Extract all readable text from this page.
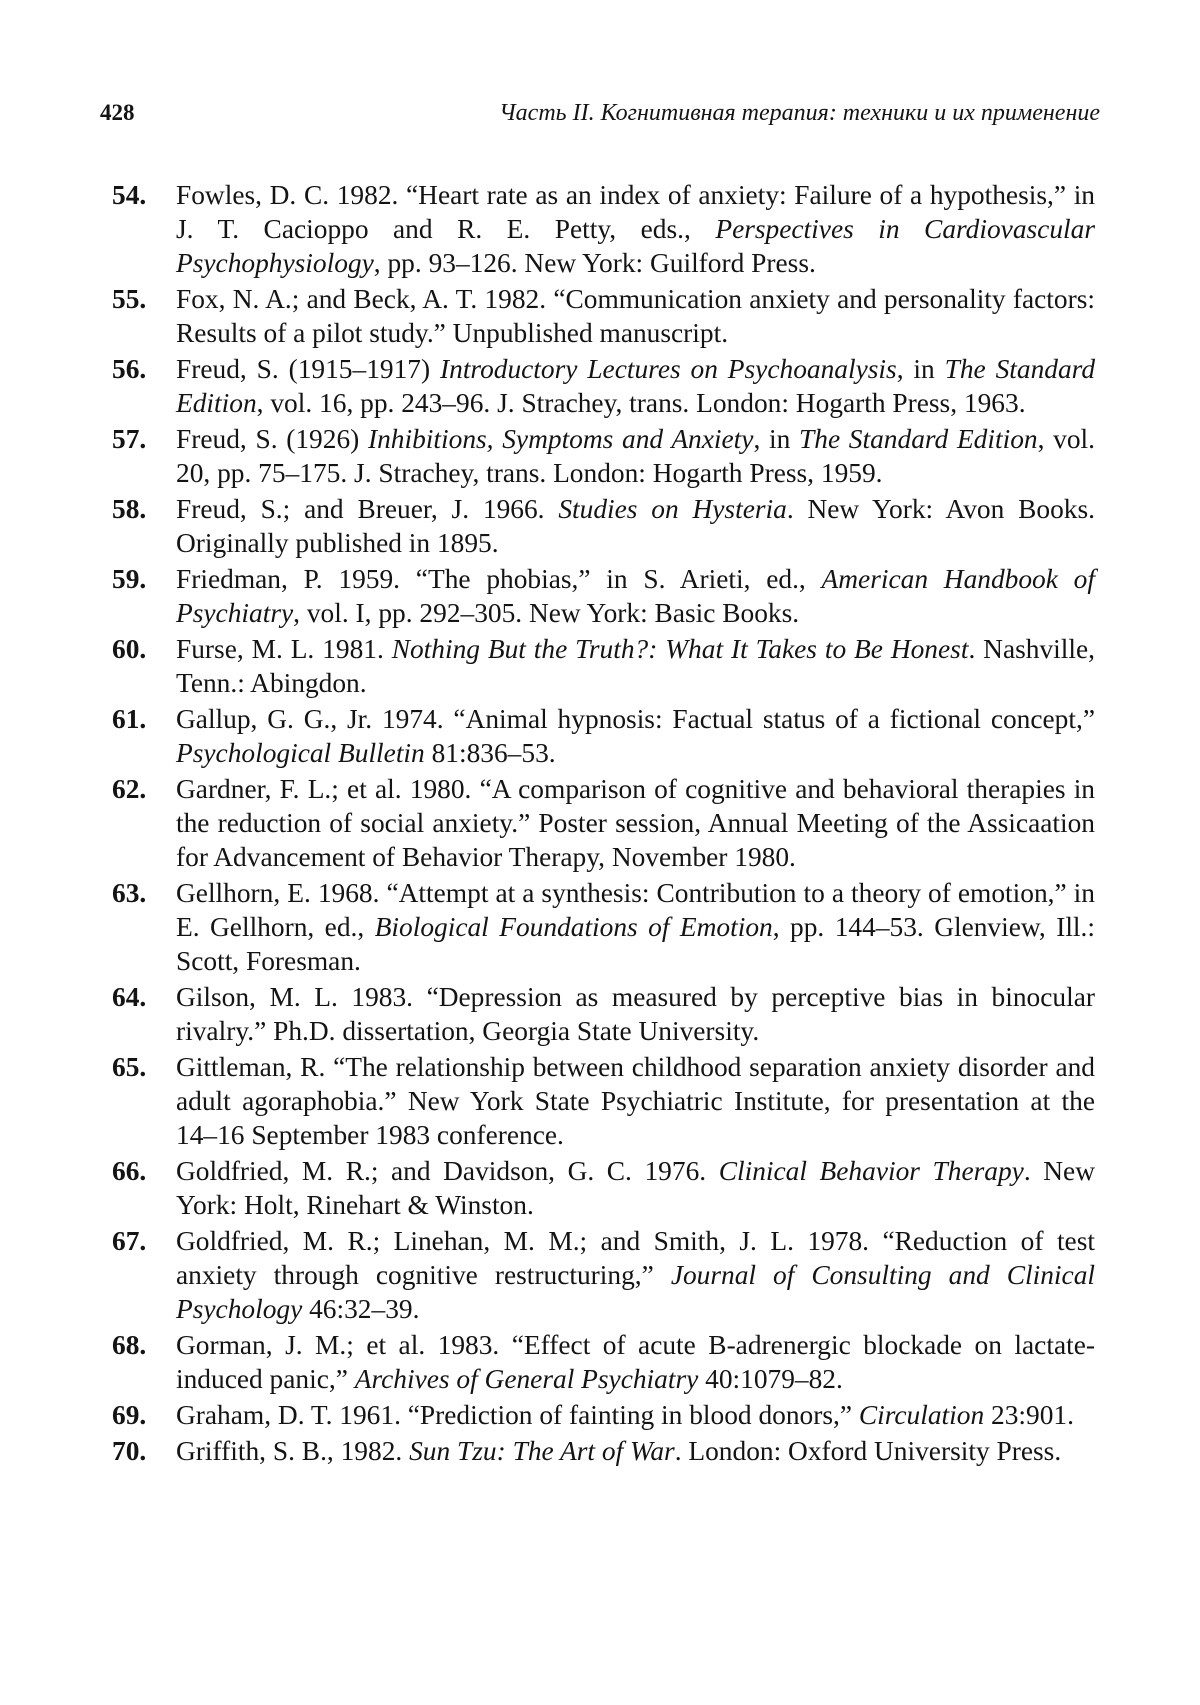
428	Часть II. Когнитивная терапия: техники и их применение
54. Fowles, D. C. 1982. “Heart rate as an index of anxiety: Failure of a hypothesis,” in J. T. Cacioppo and R. E. Petty, eds., Perspectives in Cardiovascular Psychophysiology, pp. 93–126. New York: Guilford Press.
55. Fox, N. A.; and Beck, A. T. 1982. “Communication anxiety and personality factors: Results of a pilot study.” Unpublished manuscript.
56. Freud, S. (1915–1917) Introductory Lectures on Psychoanalysis, in The Standard Edition, vol. 16, pp. 243–96. J. Strachey, trans. London: Hogarth Press, 1963.
57. Freud, S. (1926) Inhibitions, Symptoms and Anxiety, in The Standard Edition, vol. 20, pp. 75–175. J. Strachey, trans. London: Hogarth Press, 1959.
58. Freud, S.; and Breuer, J. 1966. Studies on Hysteria. New York: Avon Books. Originally published in 1895.
59. Friedman, P. 1959. “The phobias,” in S. Arieti, ed., American Handbook of Psychiatry, vol. I, pp. 292–305. New York: Basic Books.
60. Furse, M. L. 1981. Nothing But the Truth?: What It Takes to Be Honest. Nashville, Tenn.: Abingdon.
61. Gallup, G. G., Jr. 1974. “Animal hypnosis: Factual status of a fictional concept,” Psychological Bulletin 81:836–53.
62. Gardner, F. L.; et al. 1980. “A comparison of cognitive and behavioral therapies in the reduction of social anxiety.” Poster session, Annual Meeting of the Assicaation for Advancement of Behavior Therapy, November 1980.
63. Gellhorn, E. 1968. “Attempt at a synthesis: Contribution to a theory of emotion,” in E. Gellhorn, ed., Biological Foundations of Emotion, pp. 144–53. Glenview, Ill.: Scott, Foresman.
64. Gilson, M. L. 1983. “Depression as measured by perceptive bias in binocular rivalry.” Ph.D. dissertation, Georgia State University.
65. Gittleman, R. “The relationship between childhood separation anxiety disorder and adult agoraphobia.” New York State Psychiatric Institute, for presentation at the 14–16 September 1983 conference.
66. Goldfried, M. R.; and Davidson, G. C. 1976. Clinical Behavior Therapy. New York: Holt, Rinehart & Winston.
67. Goldfried, M. R.; Linehan, M. M.; and Smith, J. L. 1978. “Reduction of test anxiety through cognitive restructuring,” Journal of Consulting and Clinical Psychology 46:32–39.
68. Gorman, J. M.; et al. 1983. “Effect of acute B-adrenergic blockade on lactate-induced panic,” Archives of General Psychiatry 40:1079–82.
69. Graham, D. T. 1961. “Prediction of fainting in blood donors,” Circulation 23:901.
70. Griffith, S. B., 1982. Sun Tzu: The Art of War. London: Oxford University Press.
